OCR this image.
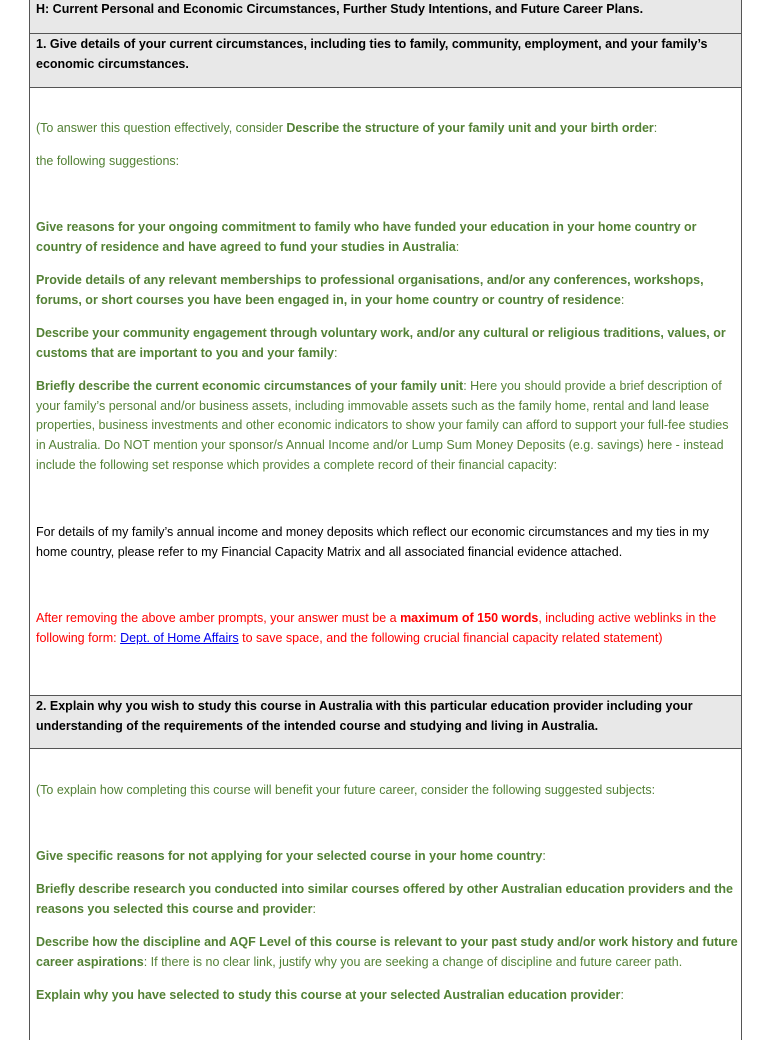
H: Current Personal and Economic Circumstances, Further Study Intentions, and Future Career Plans.
1. Give details of your current circumstances, including ties to family, community, employment, and your family’s economic circumstances.
(To answer this question effectively, consider Describe the structure of your family unit and your birth order:
the following suggestions:
Give reasons for your ongoing commitment to family who have funded your education in your home country or country of residence and have agreed to fund your studies in Australia:
Provide details of any relevant memberships to professional organisations, and/or any conferences, workshops, forums, or short courses you have been engaged in, in your home country or country of residence:
Describe your community engagement through voluntary work, and/or any cultural or religious traditions, values, or customs that are important to you and your family:
Briefly describe the current economic circumstances of your family unit: Here you should provide a brief description of your family’s personal and/or business assets, including immovable assets such as the family home, rental and land lease properties, business investments and other economic indicators to show your family can afford to support your full-fee studies in Australia. Do NOT mention your sponsor/s Annual Income and/or Lump Sum Money Deposits (e.g. savings) here - instead include the following set response which provides a complete record of their financial capacity:
For details of my family’s annual income and money deposits which reflect our economic circumstances and my ties in my home country, please refer to my Financial Capacity Matrix and all associated financial evidence attached.
After removing the above amber prompts, your answer must be a maximum of 150 words, including active weblinks in the following form: Dept. of Home Affairs to save space, and the following crucial financial capacity related statement)
2. Explain why you wish to study this course in Australia with this particular education provider including your understanding of the requirements of the intended course and studying and living in Australia.
(To explain how completing this course will benefit your future career, consider the following suggested subjects:
Give specific reasons for not applying for your selected course in your home country:
Briefly describe research you conducted into similar courses offered by other Australian education providers and the reasons you selected this course and provider:
Describe how the discipline and AQF Level of this course is relevant to your past study and/or work history and future career aspirations: If there is no clear link, justify why you are seeking a change of discipline and future career path.
Explain why you have selected to study this course at your selected Australian education provider:
